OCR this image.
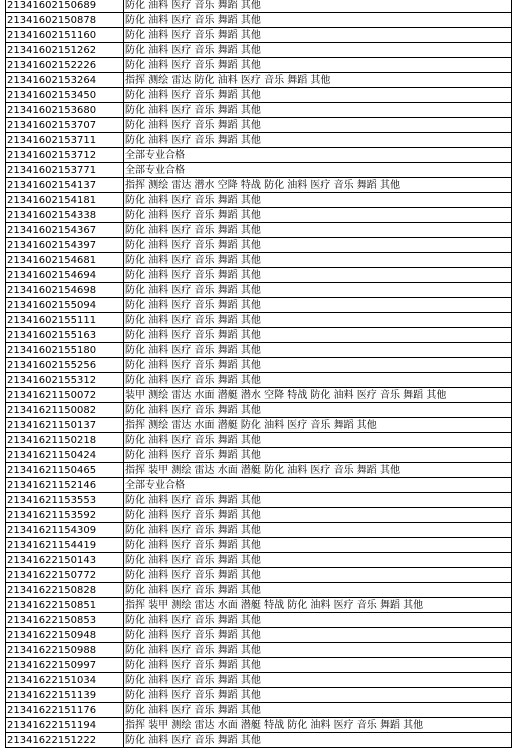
21341602150689	防化 油料 医疗 音乐 舞蹈 其他
21341602150878	防化 油料 医疗 音乐 舞蹈 其他
21341602151160	防化 油料 医疗 音乐 舞蹈 其他
21341602151262	防化 油料 医疗 音乐 舞蹈 其他
21341602152226	防化 油料 医疗 音乐 舞蹈 其他
21341602153264	指挥 测绘 雷达 防化 油料 医疗 音乐 舞蹈 其他
21341602153450	防化 油料 医疗 音乐 舞蹈 其他
21341602153680	防化 油料 医疗 音乐 舞蹈 其他
21341602153707	防化 油料 医疗 音乐 舞蹈 其他
21341602153711	防化 油料 医疗 音乐 舞蹈 其他
21341602153712	全部专业合格
21341602153771	全部专业合格
21341602154137	指挥 测绘 雷达 潜水 空降 特战 防化 油料 医疗 音乐 舞蹈 其他
21341602154181	防化 油料 医疗 音乐 舞蹈 其他
21341602154338	防化 油料 医疗 音乐 舞蹈 其他
21341602154367	防化 油料 医疗 音乐 舞蹈 其他
21341602154397	防化 油料 医疗 音乐 舞蹈 其他
21341602154681	防化 油料 医疗 音乐 舞蹈 其他
21341602154694	防化 油料 医疗 音乐 舞蹈 其他
21341602154698	防化 油料 医疗 音乐 舞蹈 其他
21341602155094	防化 油料 医疗 音乐 舞蹈 其他
21341602155111	防化 油料 医疗 音乐 舞蹈 其他
21341602155163	防化 油料 医疗 音乐 舞蹈 其他
21341602155180	防化 油料 医疗 音乐 舞蹈 其他
21341602155256	防化 油料 医疗 音乐 舞蹈 其他
21341602155312	防化 油料 医疗 音乐 舞蹈 其他
21341621150072	装甲 测绘 雷达 水面 潜艇 潜水 空降 特战 防化 油料 医疗 音乐 舞蹈 其他
21341621150082	防化 油料 医疗 音乐 舞蹈 其他
21341621150137	指挥 测绘 雷达 水面 潜艇 防化 油料 医疗 音乐 舞蹈 其他
21341621150218	防化 油料 医疗 音乐 舞蹈 其他
21341621150424	防化 油料 医疗 音乐 舞蹈 其他
21341621150465	指挥 装甲 测绘 雷达 水面 潜艇 防化 油料 医疗 音乐 舞蹈 其他
21341621152146	全部专业合格
21341621153553	防化 油料 医疗 音乐 舞蹈 其他
21341621153592	防化 油料 医疗 音乐 舞蹈 其他
21341621154309	防化 油料 医疗 音乐 舞蹈 其他
21341621154419	防化 油料 医疗 音乐 舞蹈 其他
21341622150143	防化 油料 医疗 音乐 舞蹈 其他
21341622150772	防化 油料 医疗 音乐 舞蹈 其他
21341622150828	防化 油料 医疗 音乐 舞蹈 其他
21341622150851	指挥 装甲 测绘 雷达 水面 潜艇 特战 防化 油料 医疗 音乐 舞蹈 其他
21341622150853	防化 油料 医疗 音乐 舞蹈 其他
21341622150948	防化 油料 医疗 音乐 舞蹈 其他
21341622150988	防化 油料 医疗 音乐 舞蹈 其他
21341622150997	防化 油料 医疗 音乐 舞蹈 其他
21341622151034	防化 油料 医疗 音乐 舞蹈 其他
21341622151139	防化 油料 医疗 音乐 舞蹈 其他
21341622151176	防化 油料 医疗 音乐 舞蹈 其他
21341622151194	指挥 装甲 测绘 雷达 水面 潜艇 特战 防化 油料 医疗 音乐 舞蹈 其他
21341622151222	防化 油料 医疗 音乐 舞蹈 其他
